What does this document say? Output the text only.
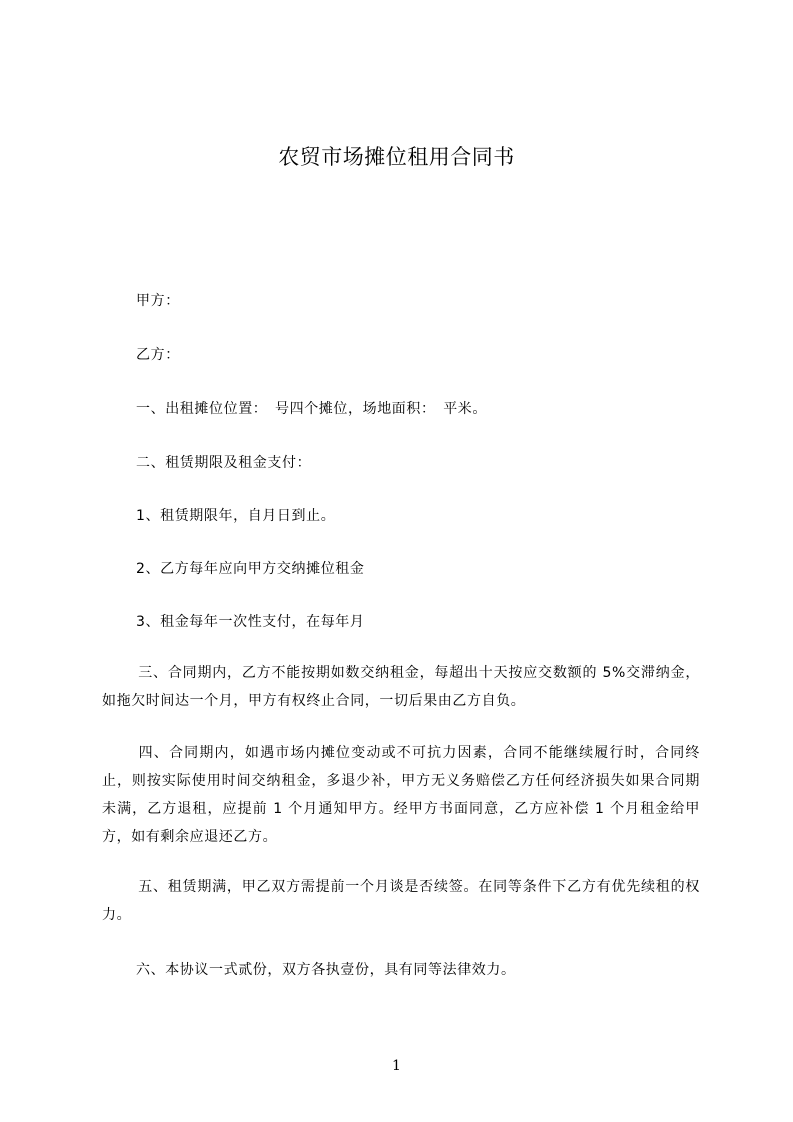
农贸市场摊位租用合同书
甲方：
乙方：
一、出租摊位位置：　号四个摊位，场地面积：　平米。
二、租赁期限及租金支付：
1、租赁期限年，自月日到止。
2、乙方每年应向甲方交纳摊位租金
3、租金每年一次性支付，在每年月
三、合同期内，乙方不能按期如数交纳租金，每超出十天按应交数额的 5%交滞纳金，如拖欠时间达一个月，甲方有权终止合同，一切后果由乙方自负。
四、合同期内，如遇市场内摊位变动或不可抗力因素，合同不能继续履行时，合同终止，则按实际使用时间交纳租金，多退少补，甲方无义务赔偿乙方任何经济损失如果合同期未满，乙方退租，应提前 1 个月通知甲方。经甲方书面同意，乙方应补偿 1 个月租金给甲方，如有剩余应退还乙方。
五、租赁期满，甲乙双方需提前一个月谈是否续签。在同等条件下乙方有优先续租的权力。
六、本协议一式贰份，双方各执壹份，具有同等法律效力。
1
